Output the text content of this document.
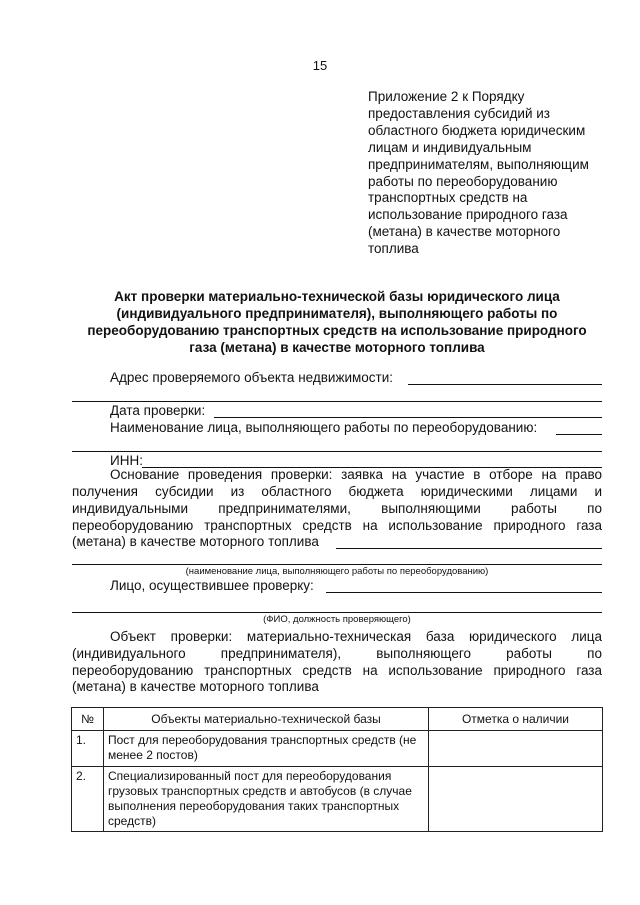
15
Приложение 2 к Порядку
предоставления субсидий из
областного бюджета юридическим
лицам и индивидуальным
предпринимателям, выполняющим
работы по переоборудованию
транспортных средств на
использование природного газа
(метана) в качестве моторного
топлива
Акт проверки материально-технической базы юридического лица
(индивидуального предпринимателя), выполняющего работы по
переоборудованию транспортных средств на использование природного
газа (метана) в качестве моторного топлива
Адрес проверяемого объекта недвижимости:
Дата проверки:
Наименование лица, выполняющего работы по переоборудованию:
ИНН:
Основание проведения проверки: заявка на участие в отборе на право
получения субсидии из областного бюджета юридическими лицами и
индивидуальными предпринимателями, выполняющими работы по
переоборудованию транспортных средств на использование природного газа
(метана) в качестве моторного топлива
(наименование лица, выполняющего работы по переоборудованию)
Лицо, осуществившее проверку:
(ФИО, должность проверяющего)
Объект проверки: материально-техническая база юридического лица
(индивидуального предпринимателя), выполняющего работы по
переоборудованию транспортных средств на использование природного газа
(метана) в качестве моторного топлива
№	Объекты материально-технической базы	Отметка о наличии
1.	Пост для переоборудования транспортных средств (не менее 2 постов)	
2.	Специализированный пост для переоборудования грузовых транспортных средств и автобусов (в случае выполнения переоборудования таких транспортных средств)	
